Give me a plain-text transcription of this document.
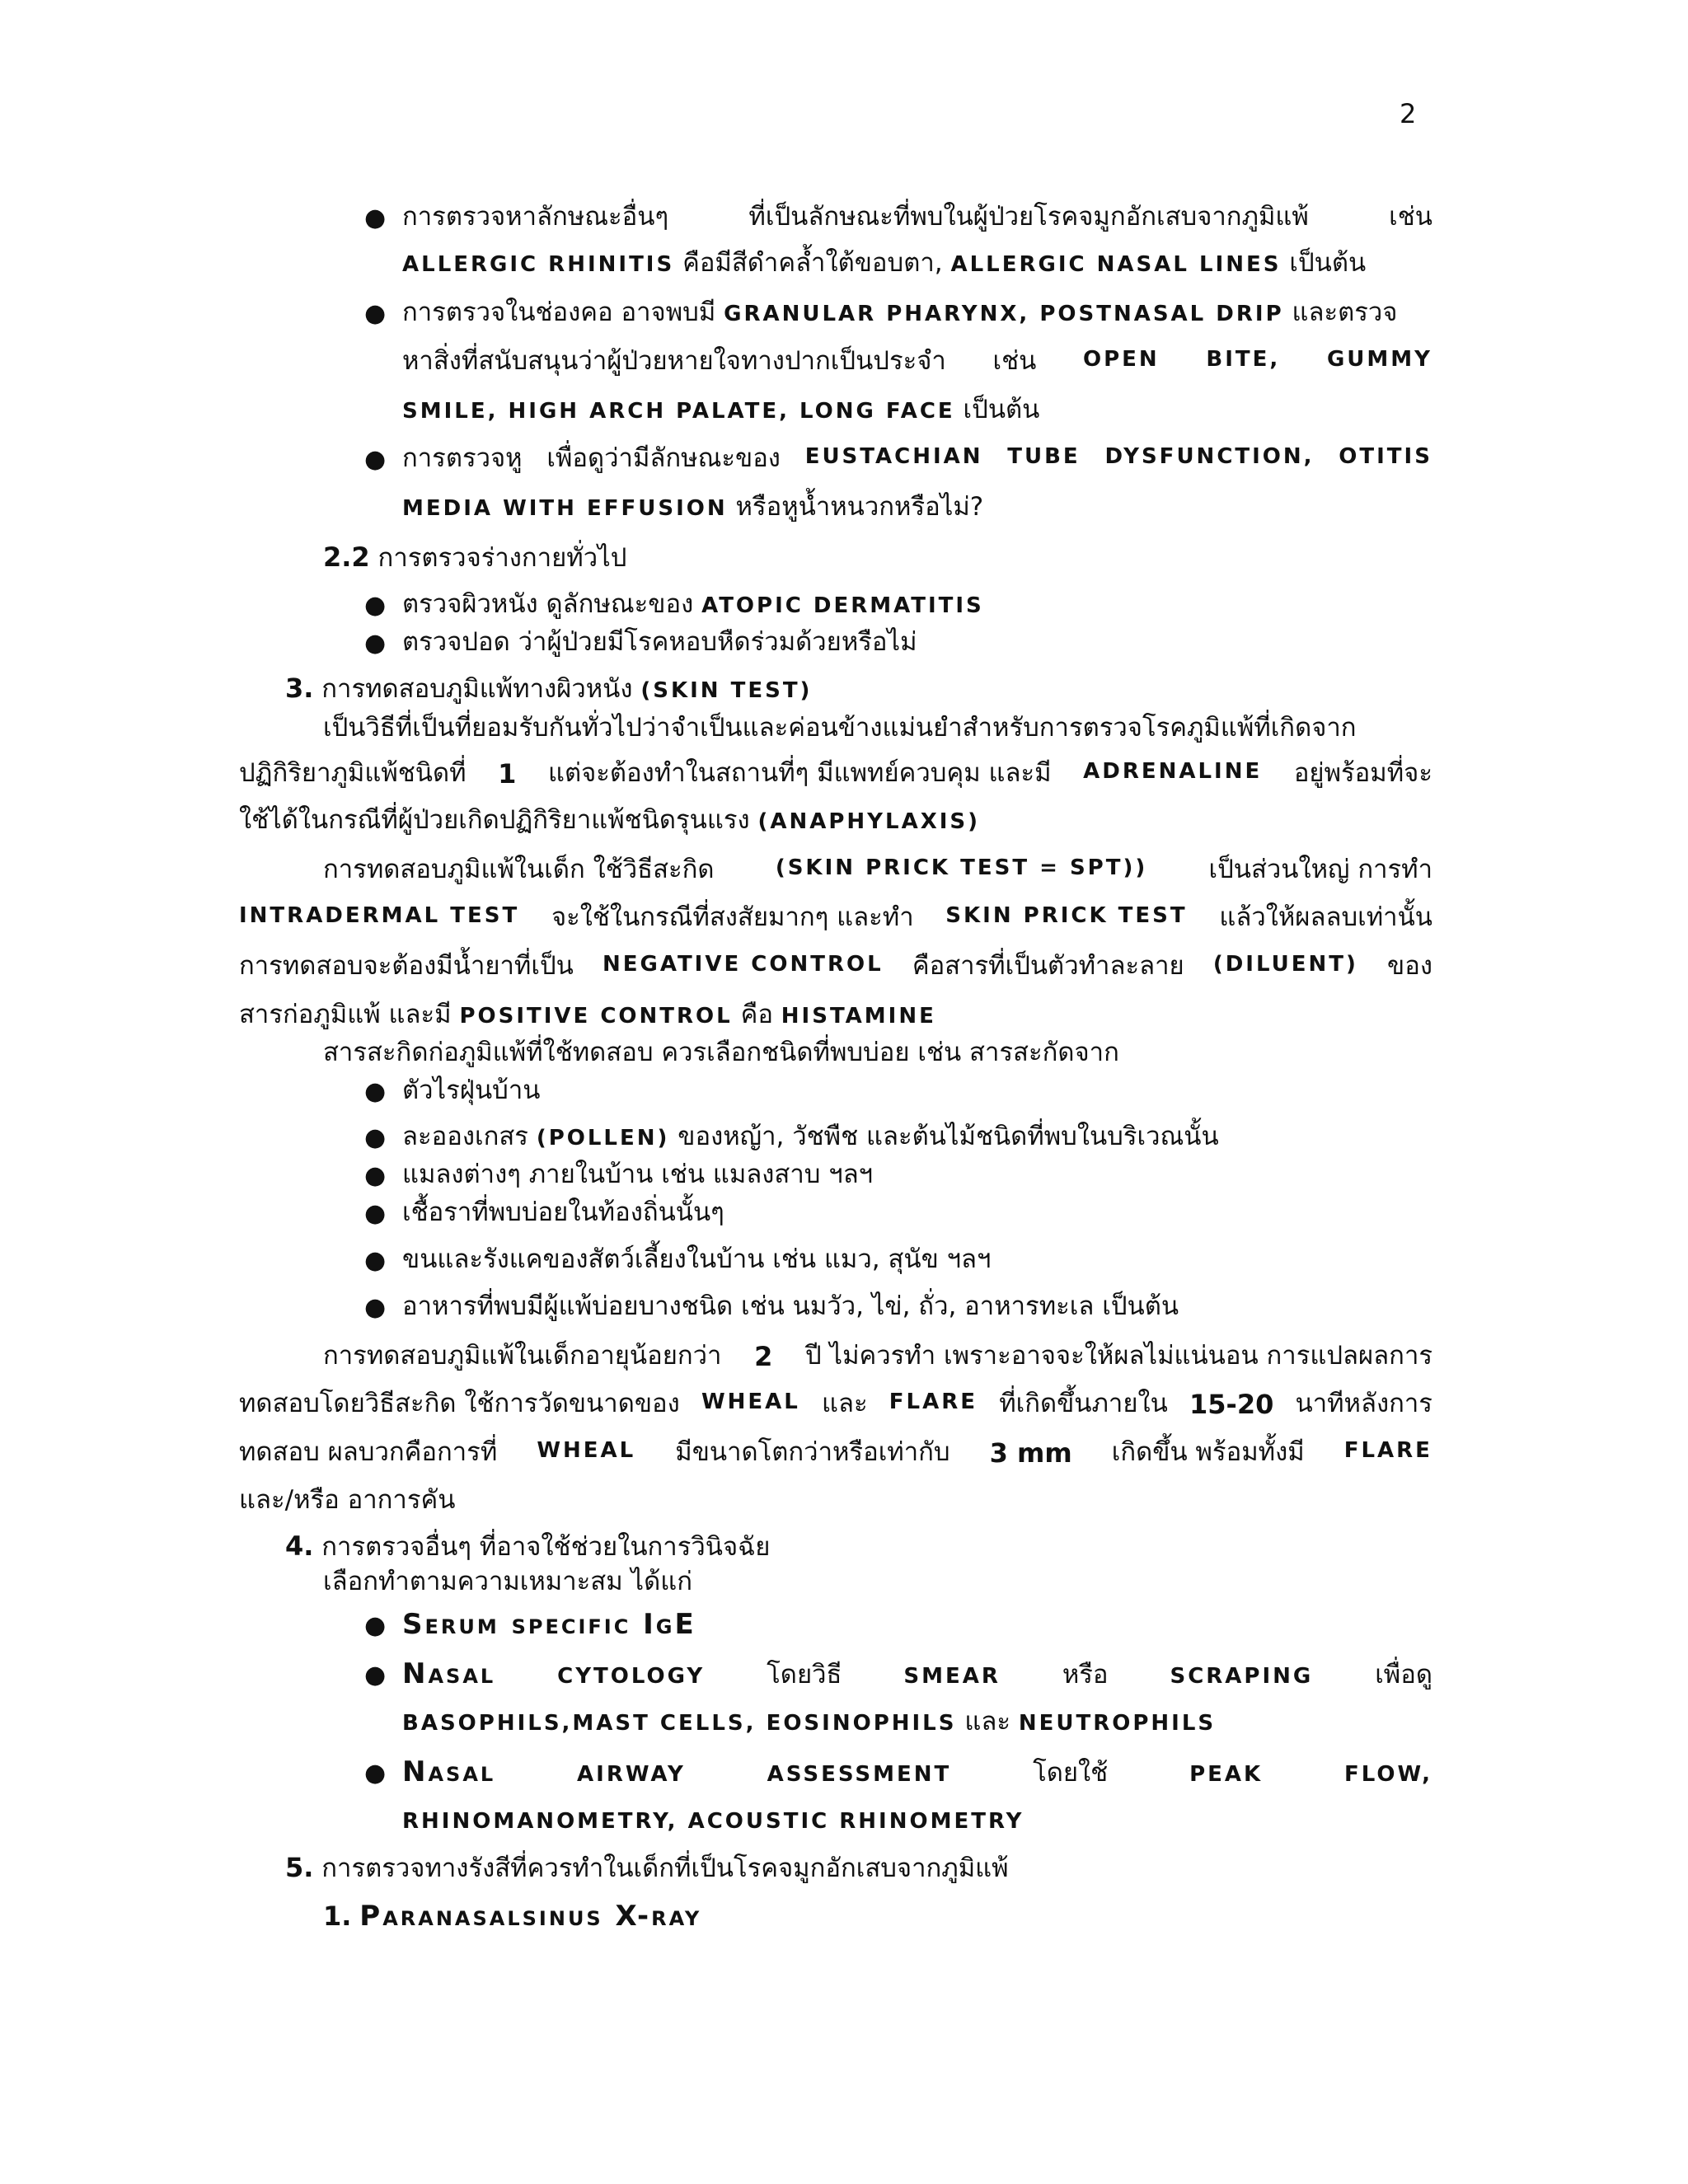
2
● การตรวจหาลักษณะอื่นๆ	ที่เป็นลักษณะที่พบในผู้ป่วยโรคจมูกอักเสบจากภูมิแพ้	เช่น
ALLERGIC RHINITIS คือมีสีดำคล้ำใต้ขอบตา, ALLERGIC NASAL LINES เป็นต้น
● การตรวจในช่องคอ อาจพบมี GRANULAR PHARYNX, POSTNASAL DRIP และตรวจ
หาสิ่งที่สนับสนุนว่าผู้ป่วยหายใจทางปากเป็นประจำ เช่น OPEN BITE, GUMMY
SMILE, HIGH ARCH PALATE, LONG FACE เป็นต้น
● การตรวจหู เพื่อดูว่ามีลักษณะของ EUSTACHIAN TUBE DYSFUNCTION, OTITIS
MEDIA WITH EFFUSION หรือหูน้ำหนวกหรือไม่?
2.2 การตรวจร่างกายทั่วไป
● ตรวจผิวหนัง ดูลักษณะของ ATOPIC DERMATITIS
● ตรวจปอด ว่าผู้ป่วยมีโรคหอบหืดร่วมด้วยหรือไม่
3. การทดสอบภูมิแพ้ทางผิวหนัง (SKIN TEST)
เป็นวิธีที่เป็นที่ยอมรับกันทั่วไปว่าจำเป็นและค่อนข้างแม่นยำสำหรับการตรวจโรคภูมิแพ้ที่เกิดจาก
ปฏิกิริยาภูมิแพ้ชนิดที่ 1 แต่จะต้องทำในสถานที่ๆ มีแพทย์ควบคุม และมี ADRENALINE อยู่พร้อมที่จะ
ใช้ได้ในกรณีที่ผู้ป่วยเกิดปฏิกิริยาแพ้ชนิดรุนแรง (ANAPHYLAXIS)
การทดสอบภูมิแพ้ในเด็ก ใช้วิธีสะกิด	(SKIN PRICK TEST = SPT)) เป็นส่วนใหญ่ การทำ
INTRADERMAL TEST จะใช้ในกรณีที่สงสัยมากๆ และทำ SKIN PRICK TEST แล้วให้ผลลบเท่านั้น
การทดสอบจะต้องมีน้ำยาที่เป็น NEGATIVE CONTROL คือสารที่เป็นตัวทำละลาย (DILUENT) ของ
สารก่อภูมิแพ้ และมี POSITIVE CONTROL คือ HISTAMINE
สารสะกิดก่อภูมิแพ้ที่ใช้ทดสอบ ควรเลือกชนิดที่พบบ่อย เช่น สารสะกัดจาก
● ตัวไรฝุ่นบ้าน
● ละอองเกสร (POLLEN) ของหญ้า, วัชพืช และต้นไม้ชนิดที่พบในบริเวณนั้น
● แมลงต่างๆ ภายในบ้าน เช่น แมลงสาบ ฯลฯ
● เชื้อราที่พบบ่อยในท้องถิ่นนั้นๆ
● ขนและรังแคของสัตว์เลี้ยงในบ้าน เช่น แมว, สุนัข ฯลฯ
● อาหารที่พบมีผู้แพ้บ่อยบางชนิด เช่น นมวัว, ไข่, ถั่ว, อาหารทะเล เป็นต้น
การทดสอบภูมิแพ้ในเด็กอายุน้อยกว่า 2 ปี ไม่ควรทำ เพราะอาจจะให้ผลไม่แน่นอน การแปลผลการ
ทดสอบโดยวิธีสะกิด ใช้การวัดขนาดของ WHEAL และ FLARE ที่เกิดขึ้นภายใน 15-20 นาทีหลังการ
ทดสอบ ผลบวกคือการที่ WHEAL มีขนาดโตกว่าหรือเท่ากับ 3 mm เกิดขึ้น พร้อมทั้งมี FLARE
และ/หรือ อาการคัน
4. การตรวจอื่นๆ ที่อาจใช้ช่วยในการวินิจฉัย
เลือกทำตามความเหมาะสม ได้แก่
● Serum specific IgE
● Nasal	CYTOLOGY โดยวิธี	SMEAR หรือ	SCRAPING เพื่อดู
BASOPHILS,MAST CELLS, EOSINOPHILS และ NEUTROPHILS
● Nasal	AIRWAY	ASSESSMENT	โดยใช้	PEAK	FLOW,
RHINOMANOMETRY, ACOUSTIC RHINOMETRY
5. การตรวจทางรังสีที่ควรทำในเด็กที่เป็นโรคจมูกอักเสบจากภูมิแพ้
1. Paranasalsinus X-ray
